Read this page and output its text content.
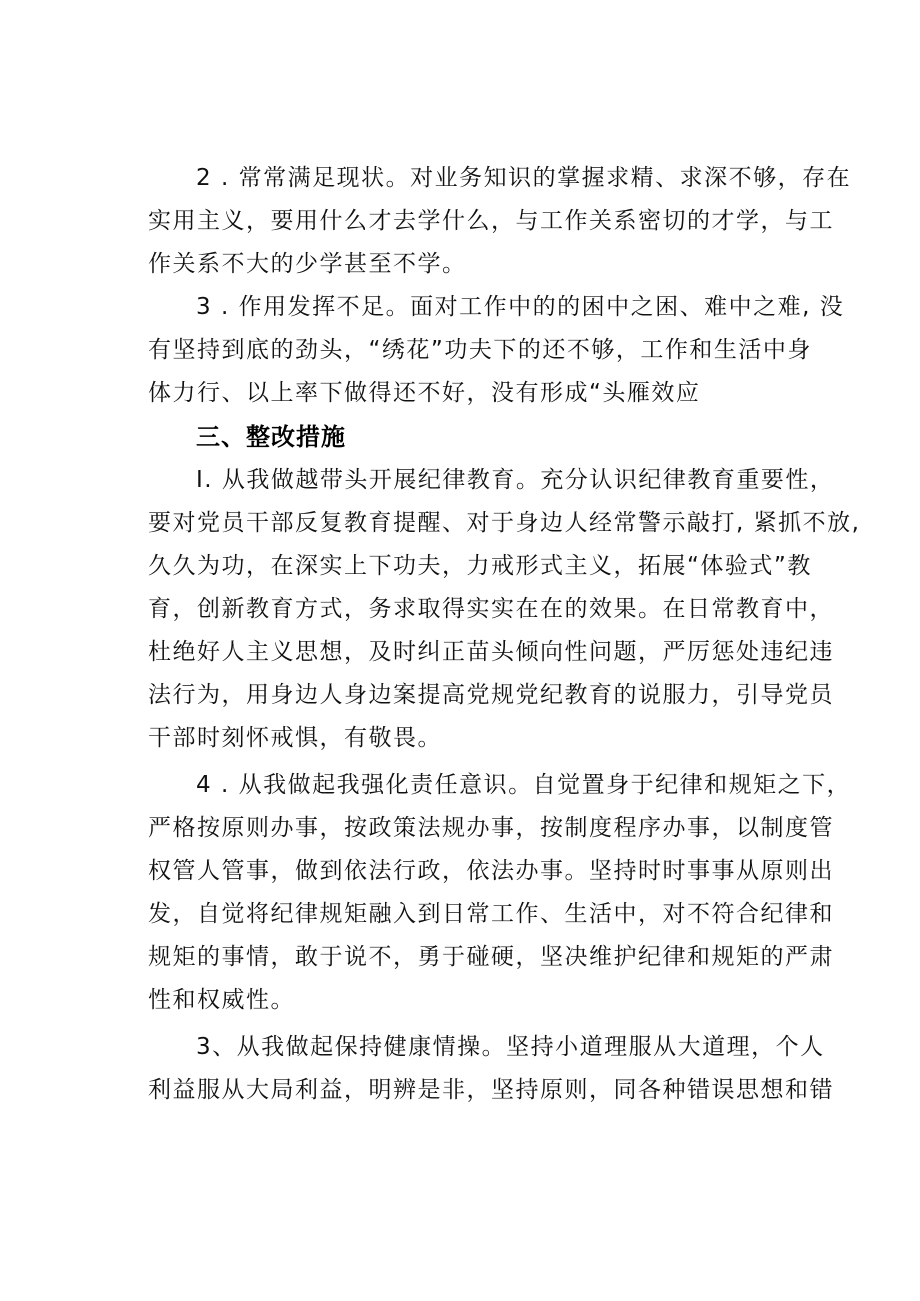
2 . 常常满足现状。对业务知识的掌握求精、求深不够，存在
实用主义，要用什么才去学什么，与工作关系密切的才学，与工
作关系不大的少学甚至不学。
3 . 作用发挥不足。面对工作中的的困中之困、难中之难, 没
有坚持到底的劲头，“绣花”功夫下的还不够，工作和生活中身
体力行、以上率下做得还不好，没有形成“头雁效应
三、整改措施
I. 从我做越带头开展纪律教育。充分认识纪律教育重要性，
要对党员干部反复教育提醒、对于身边人经常警示敲打, 紧抓不放,
久久为功，在深实上下功夫，力戒形式主义，拓展“体验式”教
育，创新教育方式，务求取得实实在在的效果。在日常教育中，
杜绝好人主义思想，及时纠正苗头倾向性问题，严厉惩处违纪违
法行为，用身边人身边案提高党规党纪教育的说服力，引导党员
干部时刻怀戒惧，有敬畏。
4 . 从我做起我强化责任意识。自觉置身于纪律和规矩之下，
严格按原则办事，按政策法规办事，按制度程序办事，以制度管
权管人管事，做到依法行政，依法办事。坚持时时事事从原则出
发，自觉将纪律规矩融入到日常工作、生活中，对不符合纪律和
规矩的事情，敢于说不，勇于碰硬，坚决维护纪律和规矩的严肃
性和权威性。
3、从我做起保持健康情操。坚持小道理服从大道理，个人
利益服从大局利益，明辨是非，坚持原则，同各种错误思想和错
